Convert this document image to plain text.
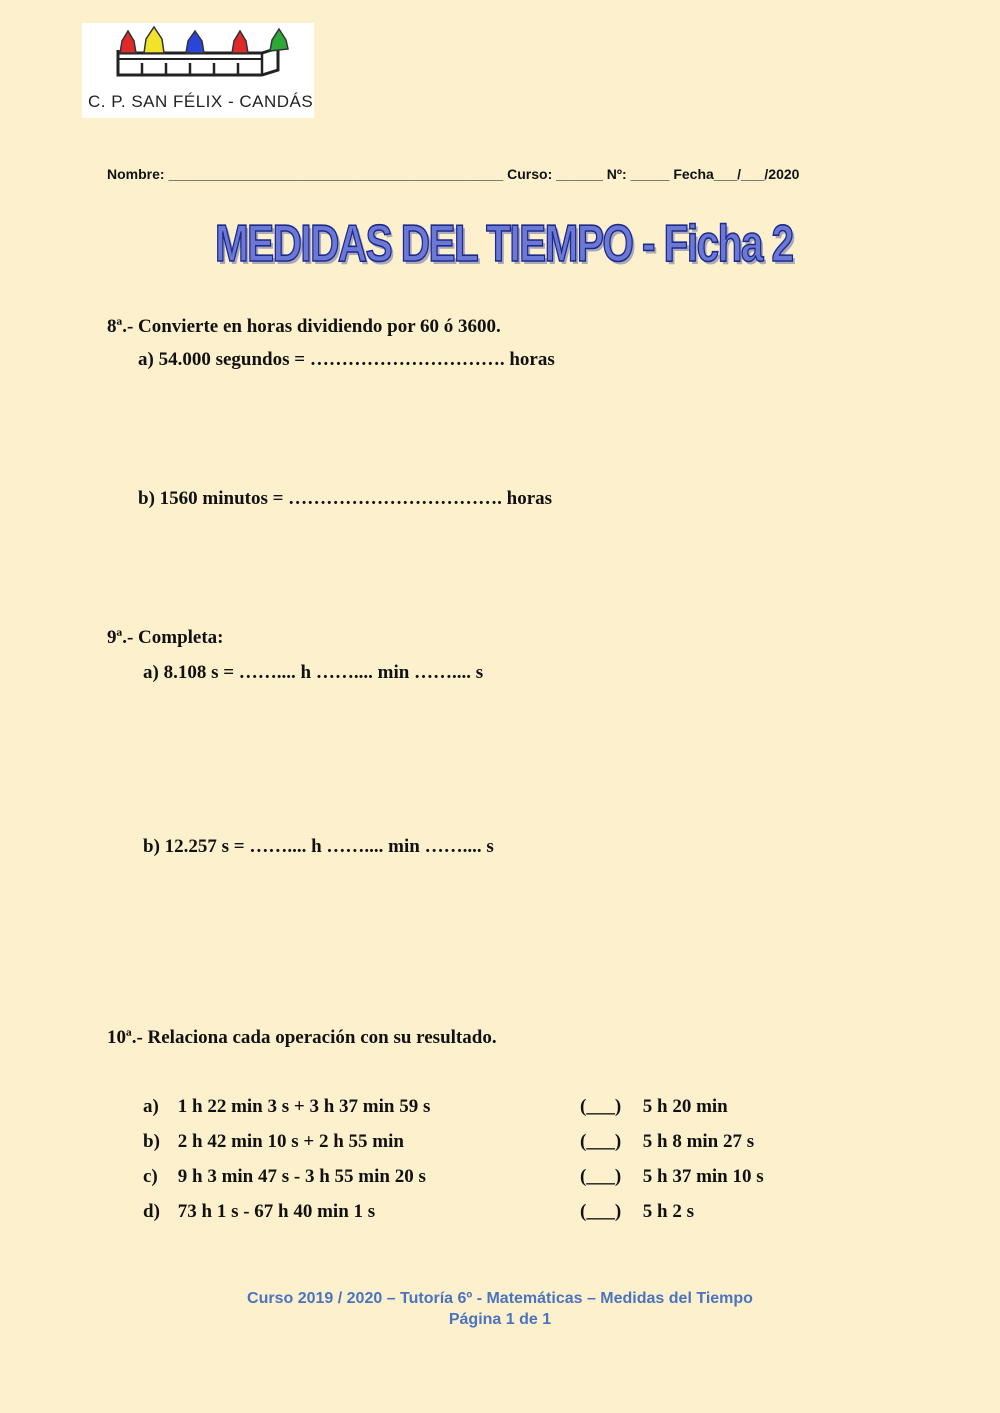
C. P. SAN FÉLIX - CANDÁS
Nombre: ___________________________________________ Curso: ______ Nº: _____ Fecha___/___/2020
MEDIDAS DEL TIEMPO - Ficha 2
8ª.- Convierte en horas dividiendo por 60 ó 3600.
a) 54.000 segundos = …………………………. horas
b) 1560 minutos = ……………………………. horas
9ª.- Completa:
a) 8.108 s = …….... h …….... min …….... s
b) 12.257 s = …….... h …….... min …….... s
10ª.- Relaciona cada operación con su resultado.
a) 1 h 22 min 3 s + 3 h 37 min 59 s	(___) 5 h 20 min
b) 2 h 42 min 10 s + 2 h 55 min	(___) 5 h 8 min 27 s
c) 9 h 3 min 47 s - 3 h 55 min 20 s	(___) 5 h 37 min 10 s
d) 73 h 1 s - 67 h 40 min 1 s	(___) 5 h 2 s
Curso 2019 / 2020 – Tutoría 6º - Matemáticas – Medidas del Tiempo
Página 1 de 1
